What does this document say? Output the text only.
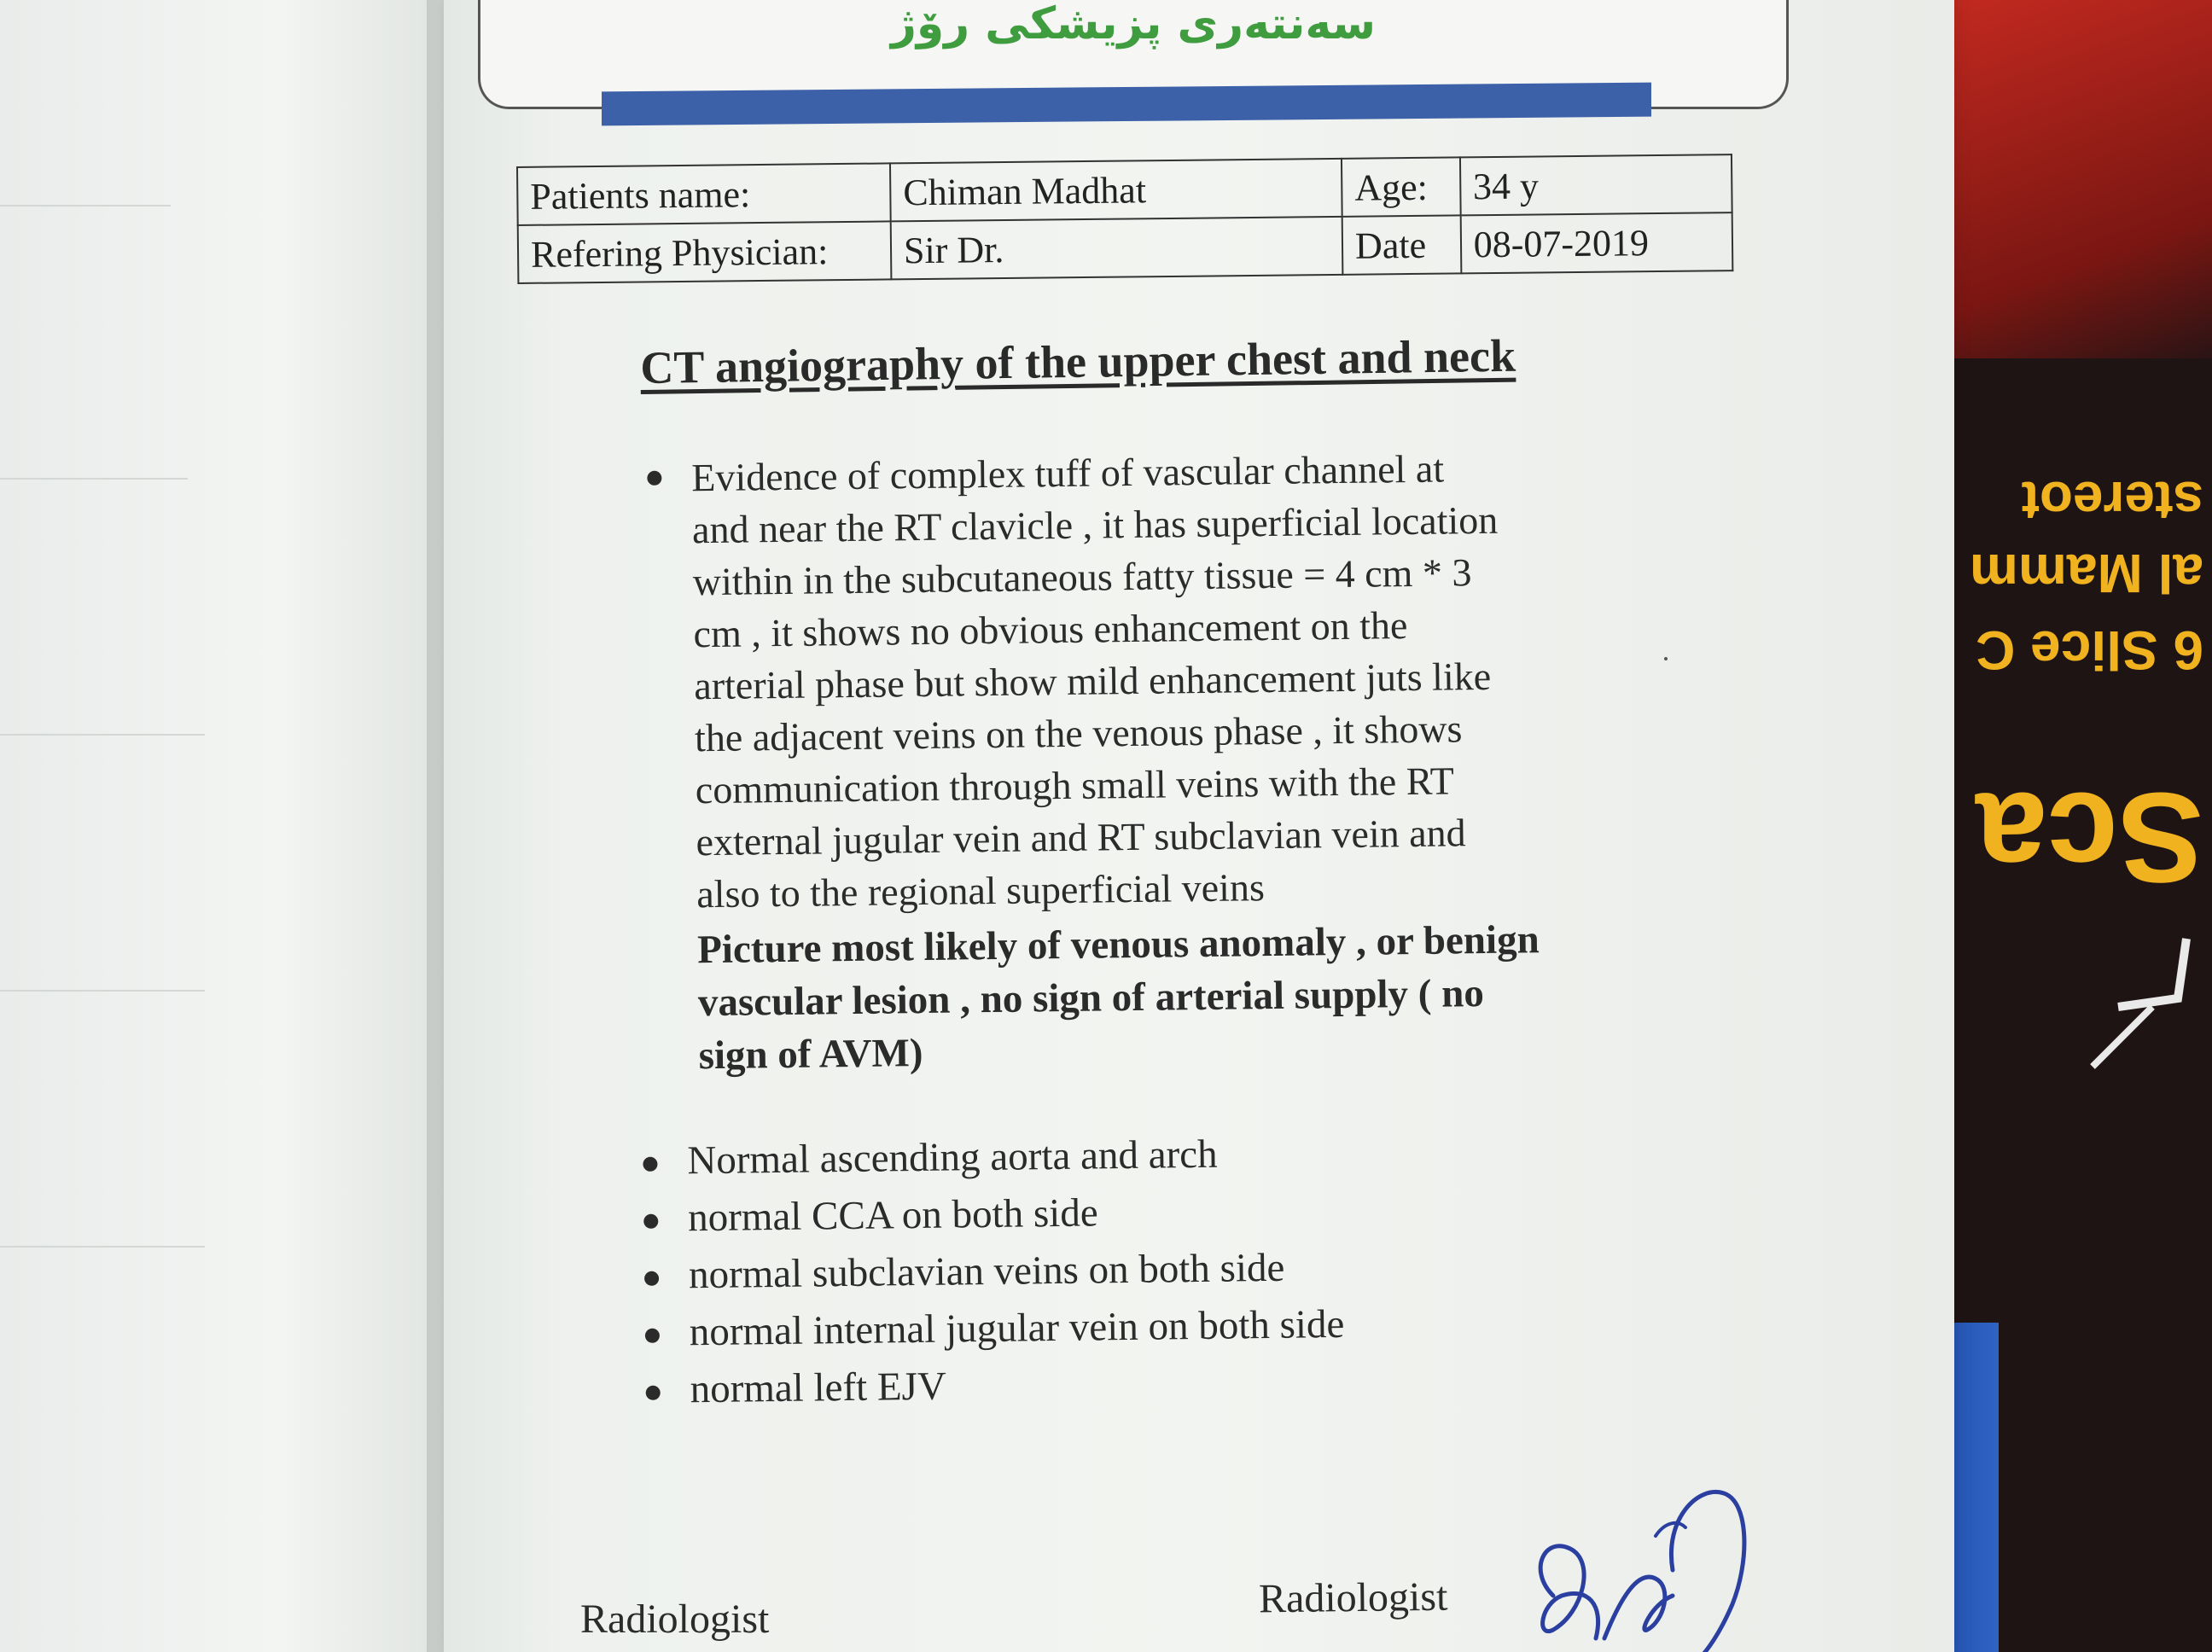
stereot
al Mamm
6 Slice C
Sca
سەنتەری پزیشکی رۆژ
Patients name:	Chiman Madhat	Age:	34 y
Refering Physician:	Sir Dr.	Date	08-07-2019
CT angiography of the upper chest and neck
Evidence of complex tuff of vascular channel at
and near the RT clavicle , it has superficial location
within in the subcutaneous fatty tissue = 4 cm * 3
cm , it shows no obvious enhancement on the
arterial phase but show mild enhancement juts like
the adjacent veins on the venous phase , it shows
communication through small veins with the RT
external jugular vein and RT subclavian vein and
also to the regional superficial veins
Picture most likely of venous anomaly , or benign
vascular lesion , no sign of arterial supply ( no
sign of AVM)
Normal ascending aorta and arch
normal CCA on both side
normal subclavian veins on both side
normal internal jugular vein on both side
normal left EJV
Radiologist	Radiologist
